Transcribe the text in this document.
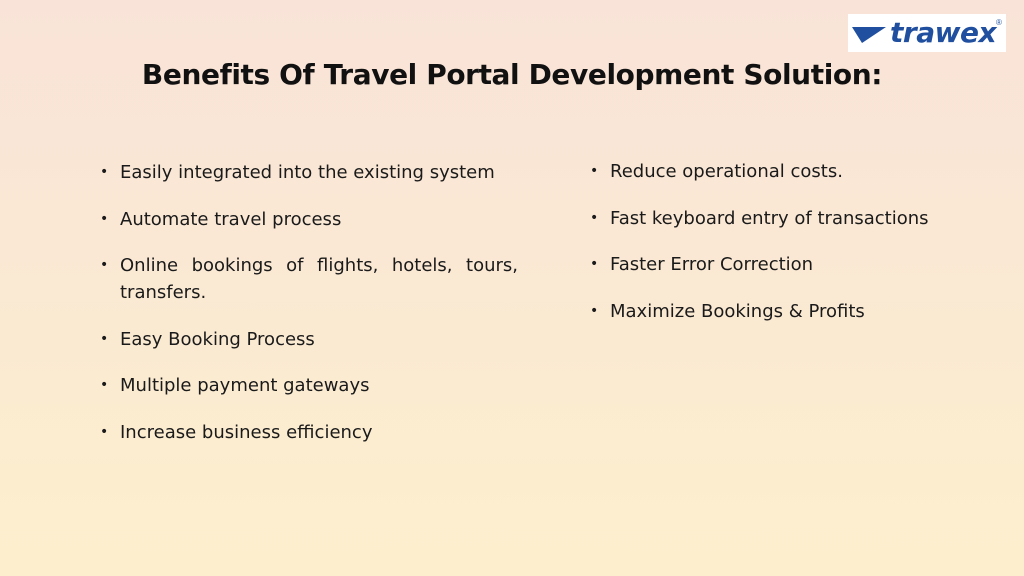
trawex ®
Benefits Of Travel Portal Development Solution:
• Easily integrated into the existing system
• Automate travel process
• Online bookings of flights, hotels, tours, transfers.
• Easy Booking Process
• Multiple payment gateways
• Increase business efficiency
• Reduce operational costs.
• Fast keyboard entry of transactions
• Faster Error Correction
• Maximize Bookings & Profits
